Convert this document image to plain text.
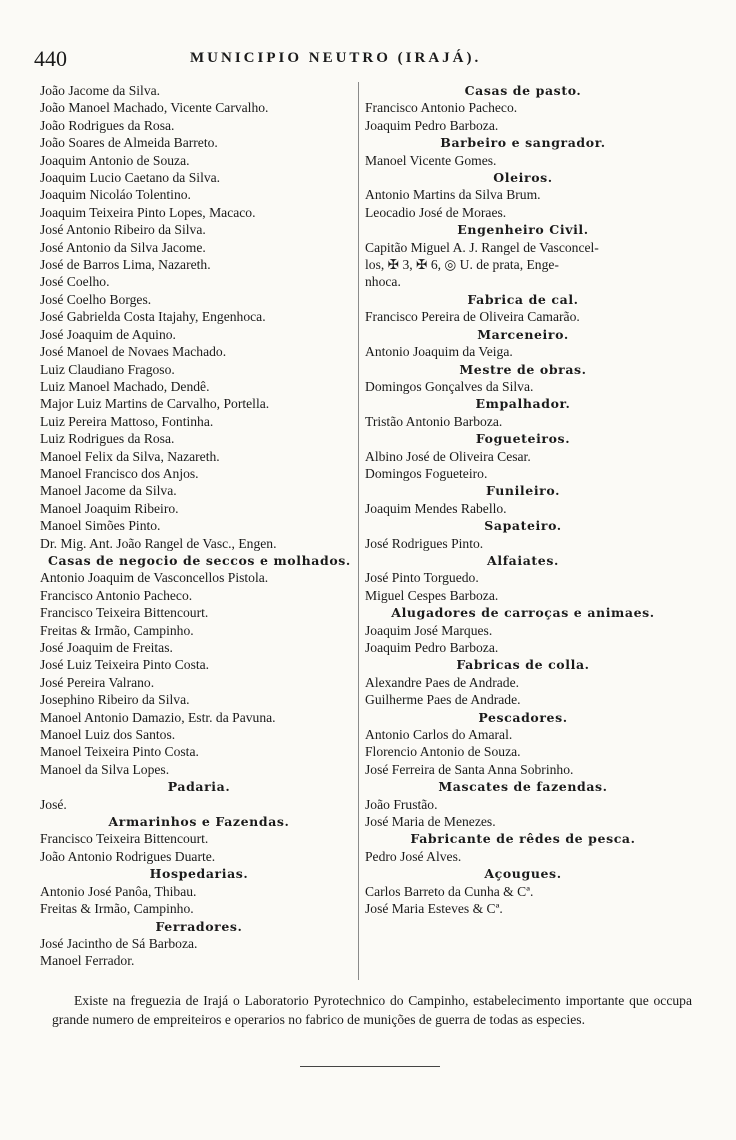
440	MUNICIPIO NEUTRO (IRAJÁ).
João Jacome da Silva.
João Manoel Machado, Vicente Carvalho.
João Rodrigues da Rosa.
João Soares de Almeida Barreto.
Joaquim Antonio de Souza.
Joaquim Lucio Caetano da Silva.
Joaquim Nicoláo Tolentino.
Joaquim Teixeira Pinto Lopes, Macaco.
José Antonio Ribeiro da Silva.
José Antonio da Silva Jacome.
José de Barros Lima, Nazareth.
José Coelho.
José Coelho Borges.
José Gabrielda Costa Itajahy, Engenhoca.
José Joaquim de Aquino.
José Manoel de Novaes Machado.
Luiz Claudiano Fragoso.
Luiz Manoel Machado, Dendê.
Major Luiz Martins de Carvalho, Portella.
Luiz Pereira Mattoso, Fontinha.
Luiz Rodrigues da Rosa.
Manoel Felix da Silva, Nazareth.
Manoel Francisco dos Anjos.
Manoel Jacome da Silva.
Manoel Joaquim Ribeiro.
Manoel Simões Pinto.
Dr. Mig. Ant. João Rangel de Vasc., Engen.
Casas de negocio de seccos e molhados.
Antonio Joaquim de Vasconcellos Pistola.
Francisco Antonio Pacheco.
Francisco Teixeira Bittencourt.
Freitas & Irmão, Campinho.
José Joaquim de Freitas.
José Luiz Teixeira Pinto Costa.
José Pereira Valrano.
Josephino Ribeiro da Silva.
Manoel Antonio Damazio, Estr. da Pavuna.
Manoel Luiz dos Santos.
Manoel Teixeira Pinto Costa.
Manoel da Silva Lopes.
Padaria.
José.
Armarinhos e Fazendas.
Francisco Teixeira Bittencourt.
João Antonio Rodrigues Duarte.
Hospedarias.
Antonio José Panôa, Thibau.
Freitas & Irmão, Campinho.
Ferradores.
José Jacintho de Sá Barboza.
Manoel Ferrador.
Casas de pasto.
Francisco Antonio Pacheco.
Joaquim Pedro Barboza.
Barbeiro e sangrador.
Manoel Vicente Gomes.
Oleiros.
Antonio Martins da Silva Brum.
Leocadio José de Moraes.
Engenheiro Civil.
Capitão Miguel A. J. Rangel de Vasconcel-
los, ✠ 3, ✠ 6, ◎ U. de prata, Enge-
nhoca.
Fabrica de cal.
Francisco Pereira de Oliveira Camarão.
Marceneiro.
Antonio Joaquim da Veiga.
Mestre de obras.
Domingos Gonçalves da Silva.
Empalhador.
Tristão Antonio Barboza.
Fogueteiros.
Albino José de Oliveira Cesar.
Domingos Fogueteiro.
Funileiro.
Joaquim Mendes Rabello.
Sapateiro.
José Rodrigues Pinto.
Alfaiates.
José Pinto Torguedo.
Miguel Cespes Barboza.
Alugadores de carroças e animaes.
Joaquim José Marques.
Joaquim Pedro Barboza.
Fabricas de colla.
Alexandre Paes de Andrade.
Guilherme Paes de Andrade.
Pescadores.
Antonio Carlos do Amaral.
Florencio Antonio de Souza.
José Ferreira de Santa Anna Sobrinho.
Mascates de fazendas.
João Frustão.
José Maria de Menezes.
Fabricante de rêdes de pesca.
Pedro José Alves.
Açougues.
Carlos Barreto da Cunha & Cª.
José Maria Esteves & Cª.
Existe na freguezia de Irajá o Laboratorio Pyrotechnico do Campinho, estabelecimento importante que occupa grande numero de empreiteiros e operarios no fabrico de munições de guerra de todas as especies.
